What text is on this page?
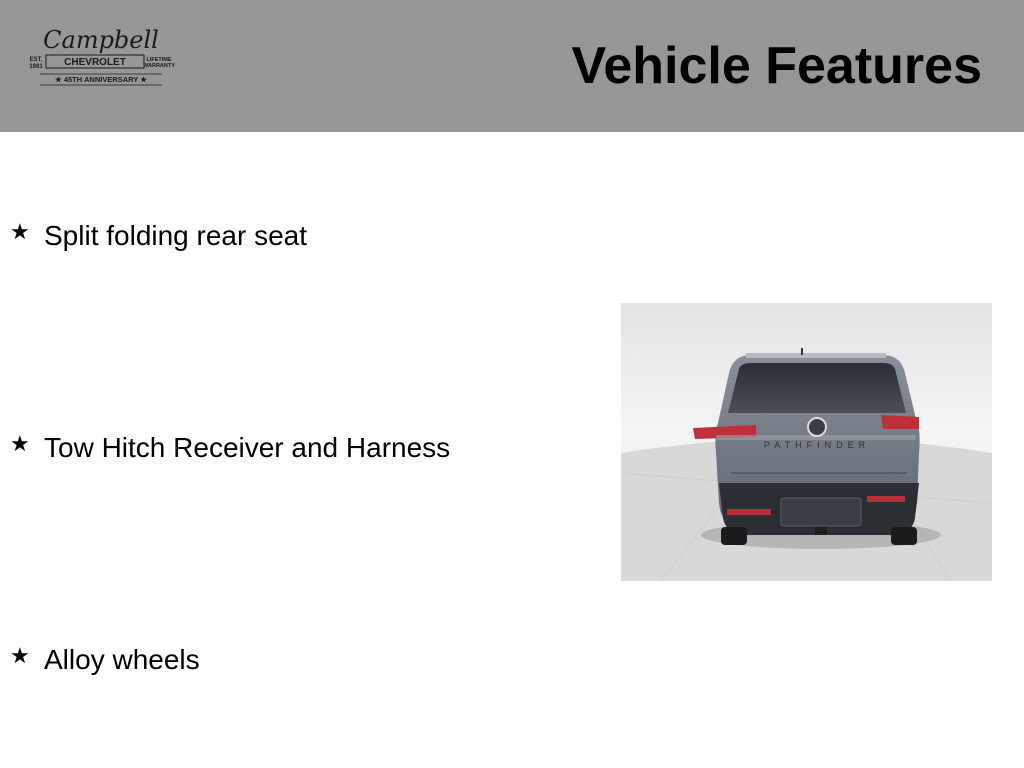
Campbell
EST.
1981 CHEVROLET	LIFETIME
WARRANTY
★ 45TH ANNIVERSARY ★	Vehicle Features
★ Split folding rear seat
★ Tow Hitch Receiver and Harness
★ Alloy wheels
PATHFINDER
